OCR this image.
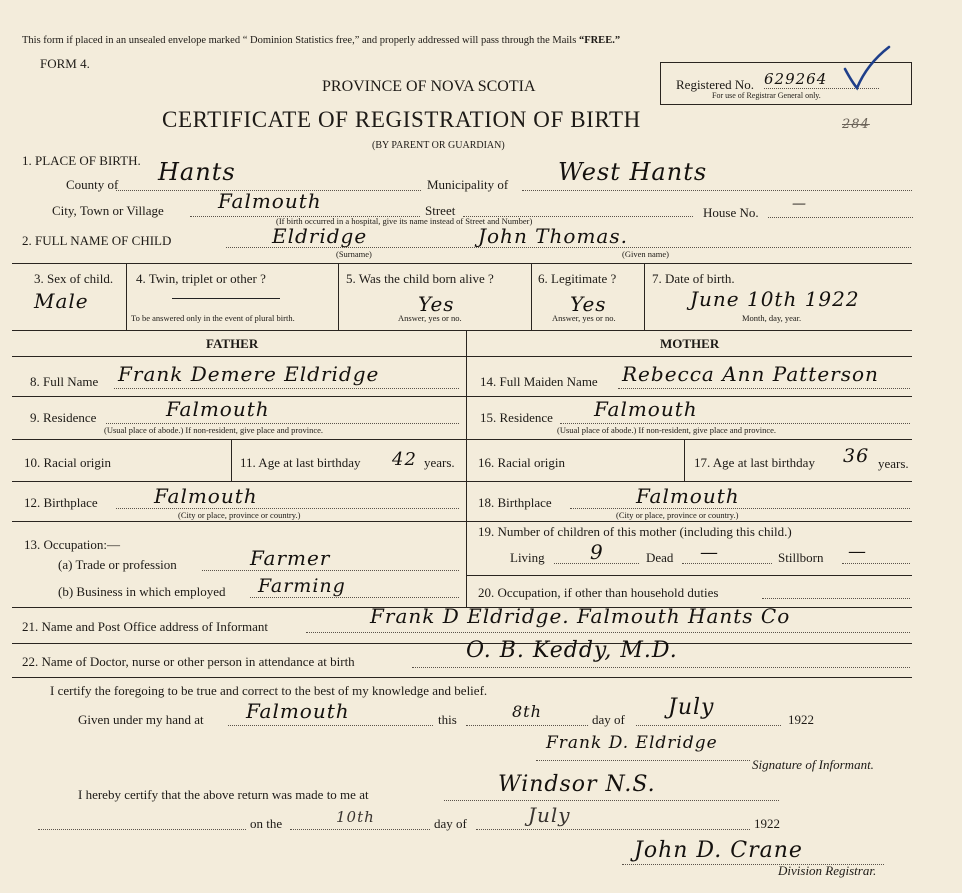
This form if placed in an unsealed envelope marked “ Dominion Statistics free,” and properly addressed will pass through the Mails “FREE.”
FORM 4.
PROVINCE OF NOVA SCOTIA
CERTIFICATE OF REGISTRATION OF BIRTH
(BY PARENT OR GUARDIAN)
Registered No. 629264
For use of Registrar General only.
284
1. PLACE OF BIRTH.
County of Hants	Municipality of West Hants
City, Town or Village	Falmouth	Street	House No.
—
(If birth occurred in a hospital, give its name instead of Street and Number)
2. FULL NAME OF CHILD	Eldridge	John Thomas.
(Surname)	(Given name)
3. Sex of child.
Male
4. Twin, triplet or other ?
To be answered only in the event of plural birth.
5. Was the child born alive ?
Yes
Answer, yes or no.
6. Legitimate ?
Yes
Answer, yes or no.
7. Date of birth.
June 10th 1922
Month, day, year.
FATHER	MOTHER
8. Full Name Frank Demere Eldridge	14. Full Maiden Name Rebecca Ann Patterson
9. Residence	Falmouth
(Usual place of abode.) If non-resident, give place and province.
15. Residence Falmouth
(Usual place of abode.) If non-resident, give place and province.
10. Racial origin	11. Age at last birthday 42 years. 16. Racial origin	17. Age at last birthday 36 years.
12. Birthplace	Falmouth
(City or place, province or country.)
18. Birthplace	Falmouth
(City or place, province or country.)
13. Occupation:—
(a) Trade or profession	Farmer
(b) Business in which employed Farming
19. Number of children of this mother (including this child.)
Living 9	Dead —	Stillborn —
20. Occupation, if other than household duties
21. Name and Post Office address of Informant	Frank D Eldridge. Falmouth Hants Co
22. Name of Doctor, nurse or other person in attendance at birth	O. B. Keddy, M.D.
I certify the foregoing to be true and correct to the best of my knowledge and belief.
Given under my hand at Falmouth	this	8th	day of July	1922
Frank D. Eldridge
Signature of Informant.
I hereby certify that the above return was made to me at	Windsor N.S.
on the	10th	day of	July	1922
John D. Crane
Division Registrar.
